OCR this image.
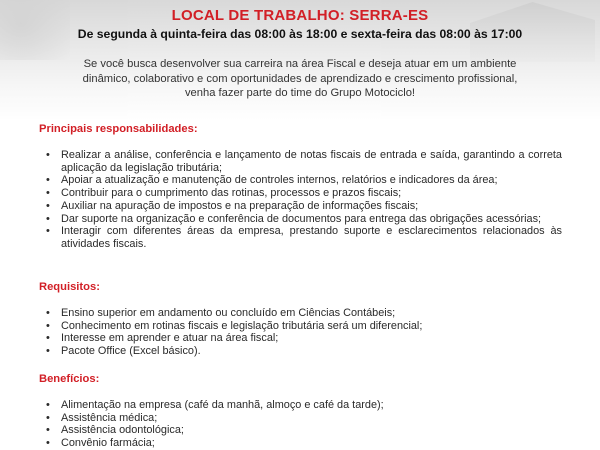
LOCAL DE TRABALHO: SERRA-ES
De segunda à quinta-feira das 08:00 às 18:00 e sexta-feira das 08:00 às 17:00
Se você busca desenvolver sua carreira na área Fiscal e deseja atuar em um ambiente
dinâmico, colaborativo e com oportunidades de aprendizado e crescimento profissional,
venha fazer parte do time do Grupo Motociclo!
Principais responsabilidades:
• Realizar a análise, conferência e lançamento de notas fiscais de entrada e saída, garantindo a correta aplicação da legislação tributária;
• Apoiar a atualização e manutenção de controles internos, relatórios e indicadores da área;
• Contribuir para o cumprimento das rotinas, processos e prazos fiscais;
• Auxiliar na apuração de impostos e na preparação de informações fiscais;
• Dar suporte na organização e conferência de documentos para entrega das obrigações acessórias;
• Interagir com diferentes áreas da empresa, prestando suporte e esclarecimentos relacionados às atividades fiscais.
Requisitos:
• Ensino superior em andamento ou concluído em Ciências Contábeis;
• Conhecimento em rotinas fiscais e legislação tributária será um diferencial;
• Interesse em aprender e atuar na área fiscal;
• Pacote Office (Excel básico).
Benefícios:
• Alimentação na empresa (café da manhã, almoço e café da tarde);
• Assistência médica;
• Assistência odontológica;
• Convênio farmácia;
